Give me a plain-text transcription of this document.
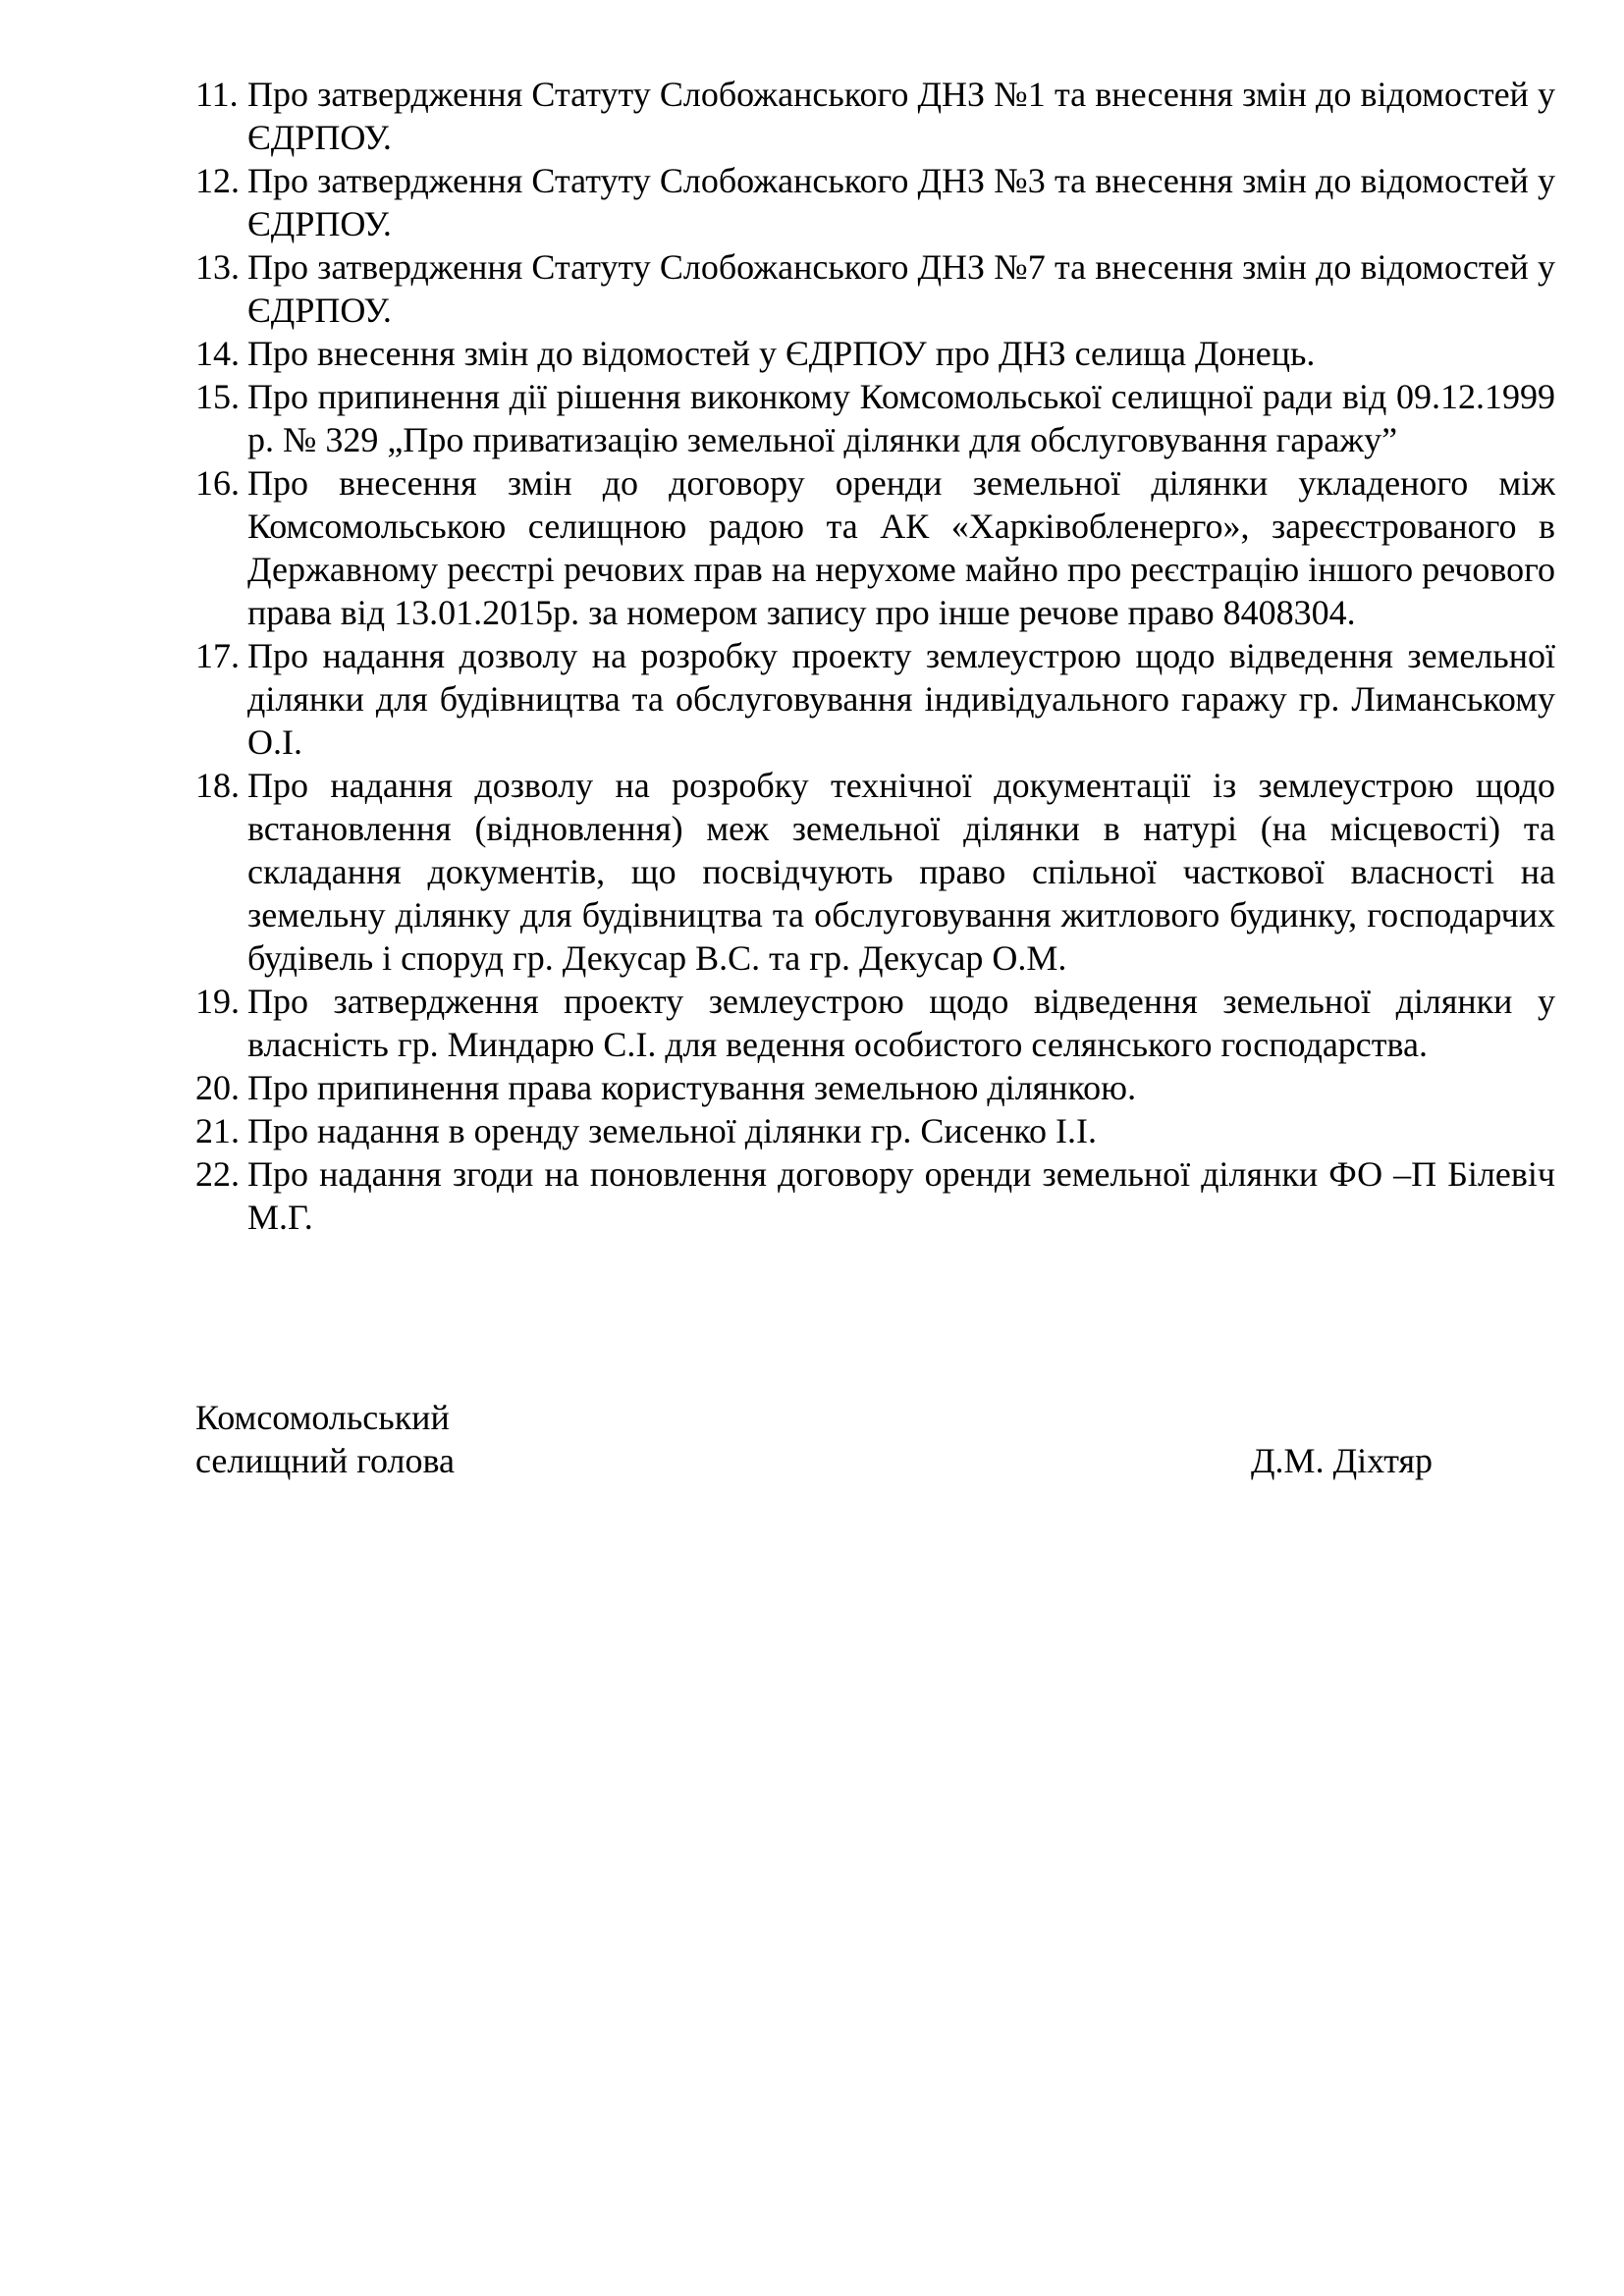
11. Про затвердження Статуту Слобожанського ДНЗ №1 та внесення змін до відомостей у ЄДРПОУ.
12. Про затвердження Статуту Слобожанського ДНЗ №3 та внесення змін до відомостей у ЄДРПОУ.
13. Про затвердження Статуту Слобожанського ДНЗ №7 та внесення змін до відомостей у ЄДРПОУ.
14. Про внесення змін до відомостей у ЄДРПОУ про ДНЗ селища Донець.
15. Про припинення дії рішення виконкому Комсомольської селищної ради від 09.12.1999 р. № 329 „Про приватизацію земельної ділянки для обслуговування гаражу”
16. Про внесення змін до договору оренди земельної ділянки укладеного між Комсомольською селищною радою та АК «Харківобленерго», зареєстрованого в Державному реєстрі речових прав на нерухоме майно про реєстрацію іншого речового права від 13.01.2015р. за номером запису про інше речове право 8408304.
17. Про надання дозволу на розробку проекту землеустрою щодо відведення земельної ділянки для будівництва та обслуговування індивідуального гаражу гр. Лиманському О.І.
18. Про надання дозволу на розробку технічної документації із землеустрою щодо встановлення (відновлення) меж земельної ділянки в натурі (на місцевості) та складання документів, що посвідчують право спільної часткової власності на земельну ділянку для будівництва та обслуговування житлового будинку, господарчих будівель і споруд гр. Декусар В.С. та гр. Декусар О.М.
19. Про затвердження проекту землеустрою щодо відведення земельної ділянки у власність гр. Миндарю С.І. для ведення особистого селянського господарства.
20. Про припинення права користування земельною ділянкою.
21. Про надання в оренду земельної ділянки гр. Сисенко І.І.
22. Про надання згоди на поновлення договору оренди земельної ділянки ФО –П Білевіч М.Г.
Комсомольський
селищний голова	Д.М. Діхтяр
